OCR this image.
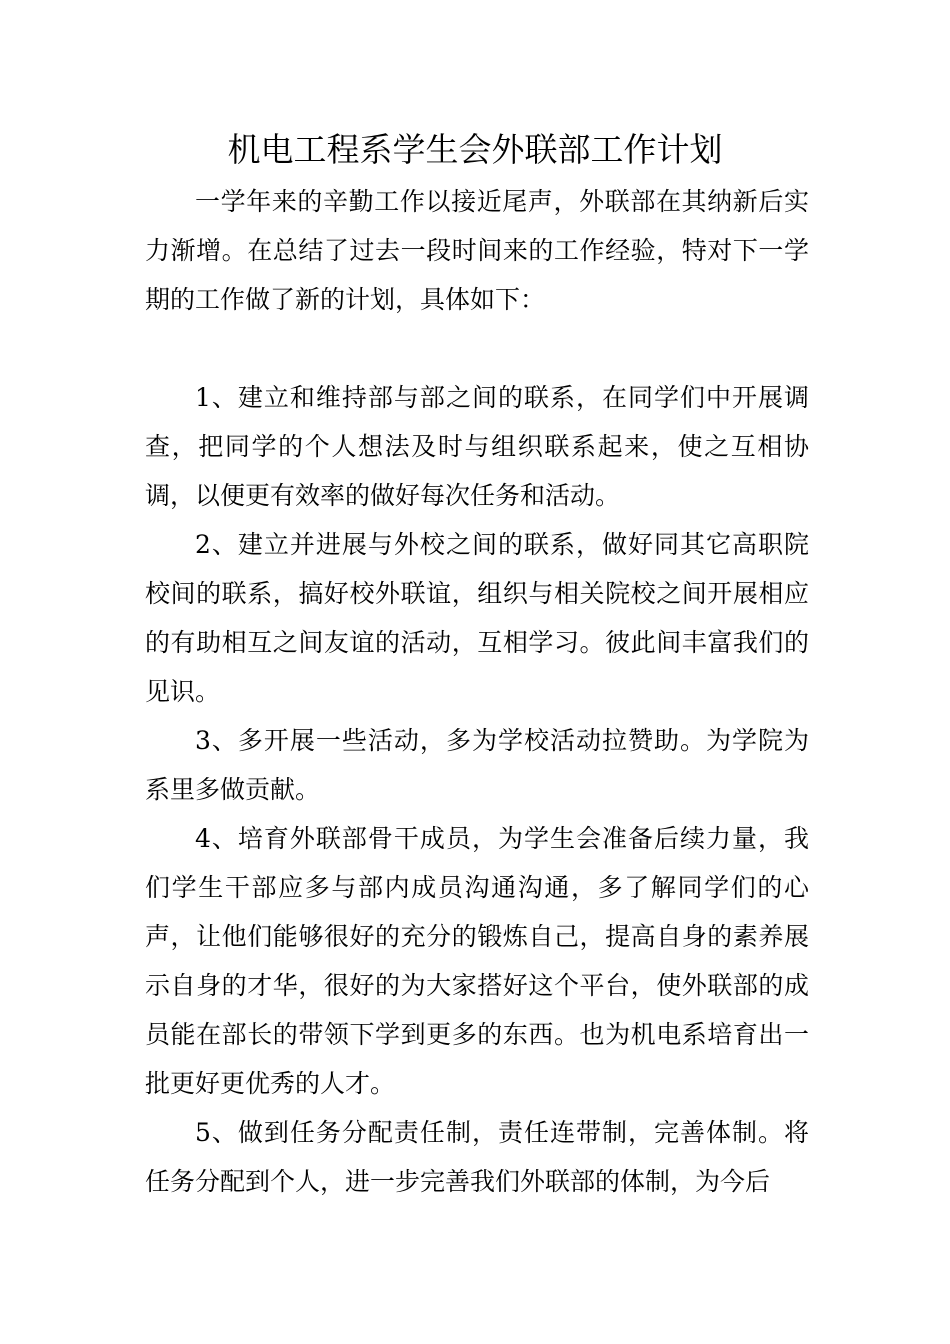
机电工程系学生会外联部工作计划

一学年来的辛勤工作以接近尾声，外联部在其纳新后实力渐增。在总结了过去一段时间来的工作经验，特对下一学期的工作做了新的计划，具体如下：

1、建立和维持部与部之间的联系，在同学们中开展调查，把同学的个人想法及时与组织联系起来，使之互相协调，以便更有效率的做好每次任务和活动。

2、建立并进展与外校之间的联系，做好同其它高职院校间的联系，搞好校外联谊，组织与相关院校之间开展相应的有助相互之间友谊的活动，互相学习。彼此间丰富我们的见识。

3、多开展一些活动，多为学校活动拉赞助。为学院为系里多做贡献。

4、培育外联部骨干成员，为学生会准备后续力量，我们学生干部应多与部内成员沟通沟通，多了解同学们的心声，让他们能够很好的充分的锻炼自己，提高自身的素养展示自身的才华，很好的为大家搭好这个平台，使外联部的成员能在部长的带领下学到更多的东西。也为机电系培育出一批更好更优秀的人才。

5、做到任务分配责任制，责任连带制，完善体制。将任务分配到个人，进一步完善我们外联部的体制，为今后
